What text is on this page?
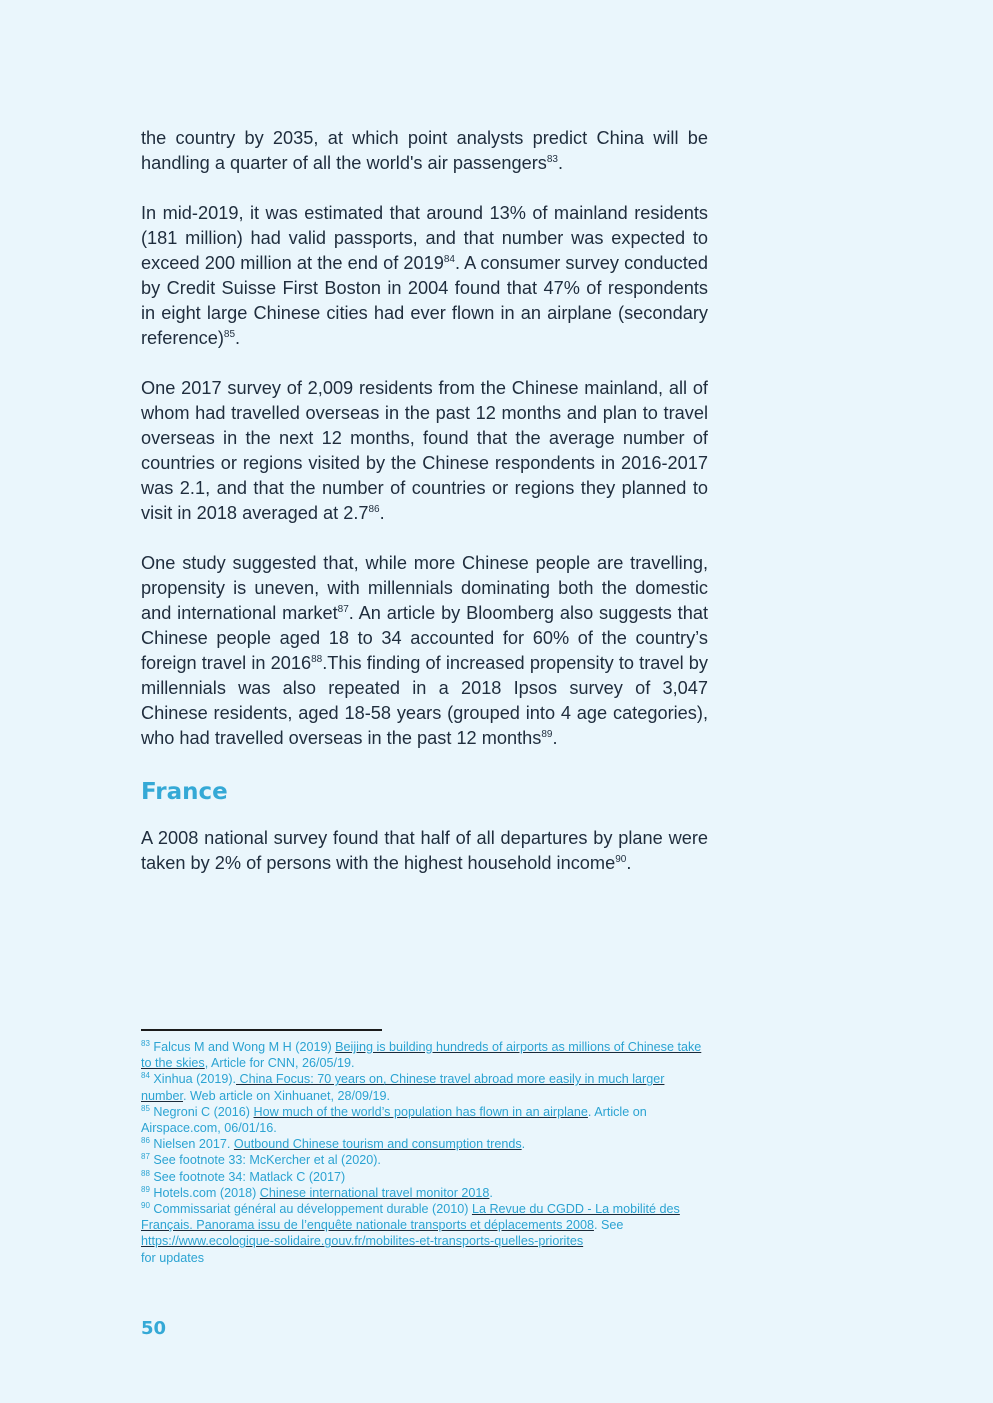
the country by 2035, at which point analysts predict China will be handling a quarter of all the world's air passengers$^{83}$.

In mid-2019, it was estimated that around 13% of mainland residents (181 million) had valid passports, and that number was expected to exceed 200 million at the end of 2019$^{84}$. A consumer survey conducted by Credit Suisse First Boston in 2004 found that 47% of respondents in eight large Chinese cities had ever flown in an airplane (secondary reference)$^{85}$.

One 2017 survey of 2,009 residents from the Chinese mainland, all of whom had travelled overseas in the past 12 months and plan to travel overseas in the next 12 months, found that the average number of countries or regions visited by the Chinese respondents in 2016-2017 was 2.1, and that the number of countries or regions they planned to visit in 2018 averaged at $2.7^{86}$.

One study suggested that, while more Chinese people are travelling, propensity is uneven, with millennials dominating both the domestic and international market$^{87}$. An article by Bloomberg also suggests that Chinese people aged 18 to 34 accounted for 60% of the country’s foreign travel in 2016$^{88}$.This finding of increased propensity to travel by millennials was also repeated in a 2018 Ipsos survey of 3,047 Chinese residents, aged 18-58 years (grouped into 4 age categories), who had travelled overseas in the past 12 months$^{89}$.

France

A 2008 national survey found that half of all departures by plane were taken by 2% of persons with the highest household income$^{90}$.

$^{83}$ Falcus M and Wong M H (2019) Beijing is building hundreds of airports as millions of Chinese take to the skies, Article for CNN, 26/05/19.

$^{84}$ Xinhua (2019). China Focus: 70 years on, Chinese travel abroad more easily in much larger number. Web article on Xinhuanet, 28/09/19.

$^{85}$ Negroni C (2016) How much of the world’s population has flown in an airplane. Article on Airspace.com, 06/01/16.

$^{86}$ Nielsen 2017. Outbound Chinese tourism and consumption trends.

$^{87}$ See footnote 33: McKercher et al (2020).

$^{88}$ See footnote 34: Matlack C (2017)

$^{89}$ Hotels.com (2018) Chinese international travel monitor 2018.

$^{90}$ Commissariat général au développement durable (2010) La Revue du CGDD - La mobilité des Français. Panorama issu de l’enquête nationale transports et déplacements 2008. See
https://www.ecologique-solidaire.gouv.fr/mobilites-et-transports-quelles-priorites
for updates

50
